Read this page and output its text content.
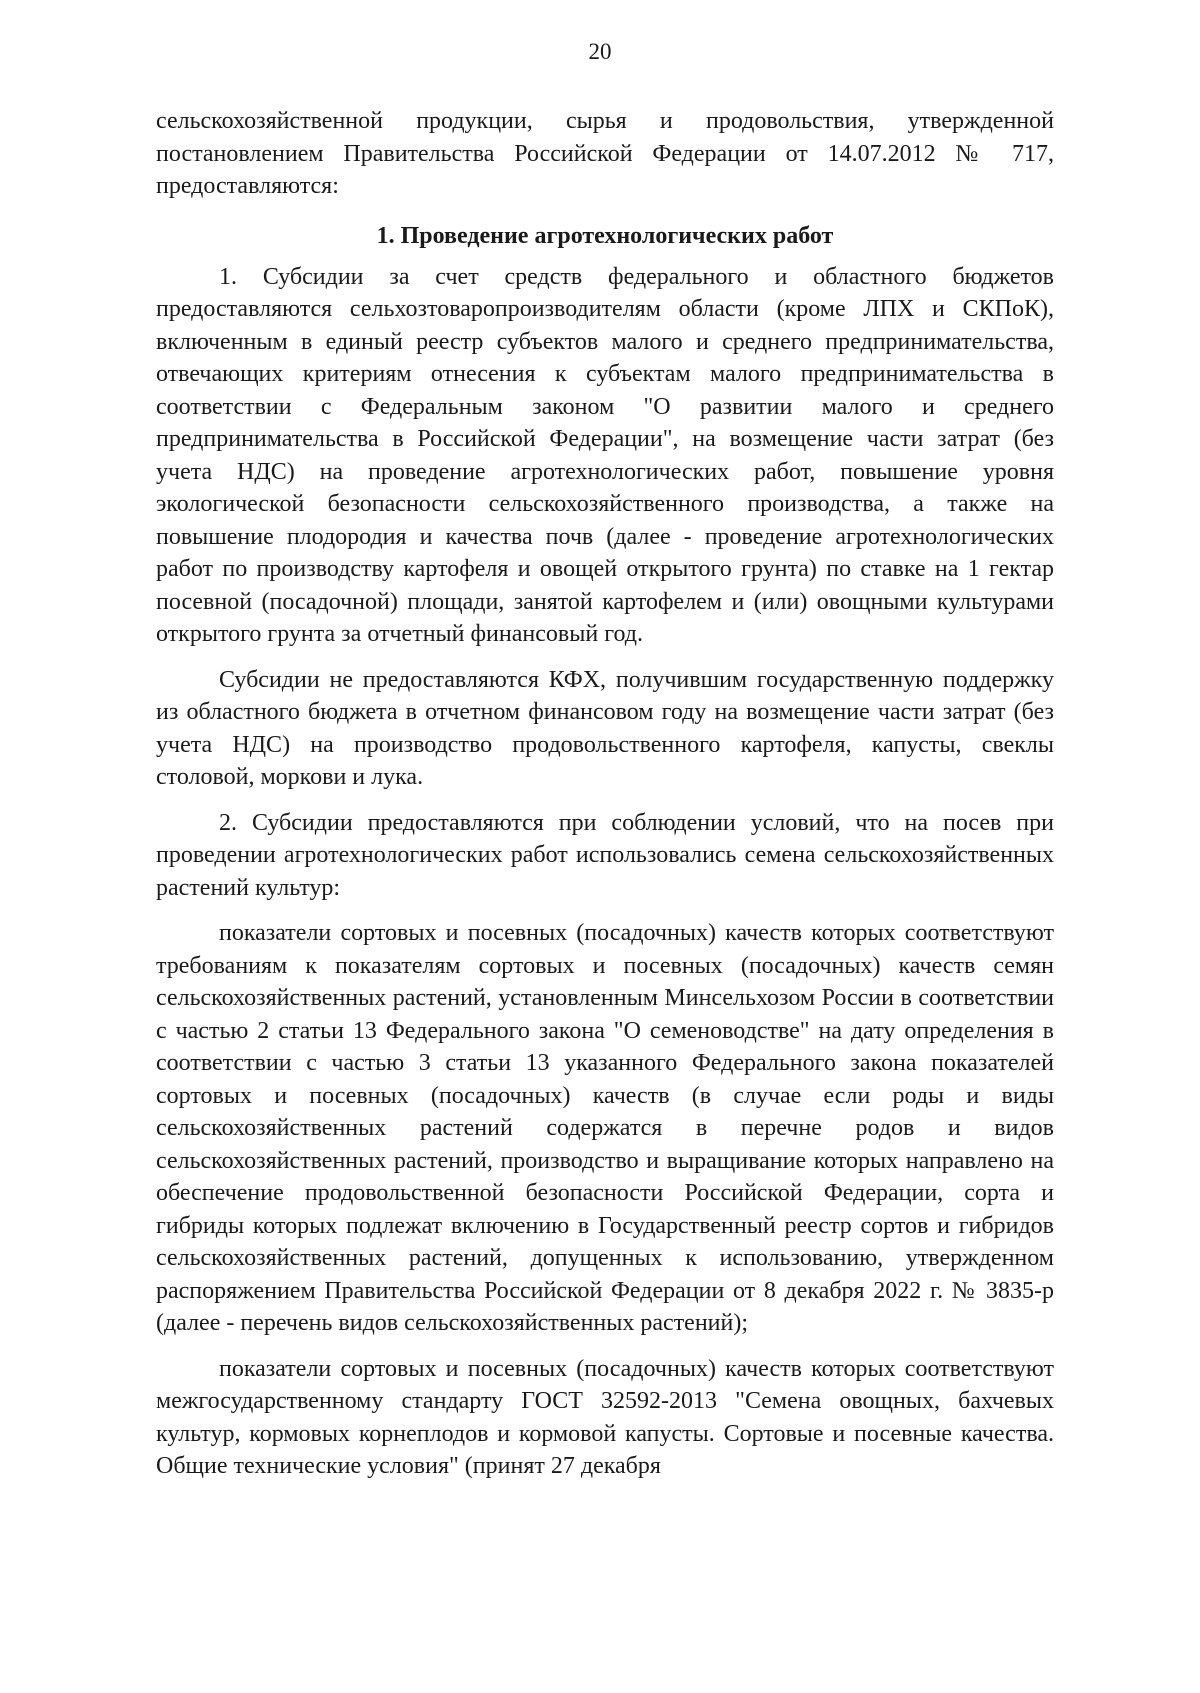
20

сельскохозяйственной продукции, сырья и продовольствия, утвержденной постановлением Правительства Российской Федерации от 14.07.2012 № 717, предоставляются:

1. Проведение агротехнологических работ

1. Субсидии за счет средств федерального и областного бюджетов предоставляются сельхозтоваропроизводителям области (кроме ЛПХ и СКПоК), включенным в единый реестр субъектов малого и среднего предпринимательства, отвечающих критериям отнесения к субъектам малого предпринимательства в соответствии с Федеральным законом "О развитии малого и среднего предпринимательства в Российской Федерации", на возмещение части затрат (без учета НДС) на проведение агротехнологических работ, повышение уровня экологической безопасности сельскохозяйственного производства, а также на повышение плодородия и качества почв (далее - проведение агротехнологических работ по производству картофеля и овощей открытого грунта) по ставке на 1 гектар посевной (посадочной) площади, занятой картофелем и (или) овощными культурами открытого грунта за отчетный финансовый год.

Субсидии не предоставляются КФХ, получившим государственную поддержку из областного бюджета в отчетном финансовом году на возмещение части затрат (без учета НДС) на производство продовольственного картофеля, капусты, свеклы столовой, моркови и лука.

2. Субсидии предоставляются при соблюдении условий, что на посев при проведении агротехнологических работ использовались семена сельскохозяйственных растений культур:

показатели сортовых и посевных (посадочных) качеств которых соответствуют требованиям к показателям сортовых и посевных (посадочных) качеств семян сельскохозяйственных растений, установленным Минсельхозом России в соответствии с частью 2 статьи 13 Федерального закона "О семеноводстве" на дату определения в соответствии с частью 3 статьи 13 указанного Федерального закона показателей сортовых и посевных (посадочных) качеств (в случае если роды и виды сельскохозяйственных растений содержатся в перечне родов и видов сельскохозяйственных растений, производство и выращивание которых направлено на обеспечение продовольственной безопасности Российской Федерации, сорта и гибриды которых подлежат включению в Государственный реестр сортов и гибридов сельскохозяйственных растений, допущенных к использованию, утвержденном распоряжением Правительства Российской Федерации от 8 декабря 2022 г. № 3835-р (далее - перечень видов сельскохозяйственных растений);

показатели сортовых и посевных (посадочных) качеств которых соответствуют межгосударственному стандарту ГОСТ 32592-2013 "Семена овощных, бахчевых культур, кормовых корнеплодов и кормовой капусты. Сортовые и посевные качества. Общие технические условия" (принят 27 декабря
